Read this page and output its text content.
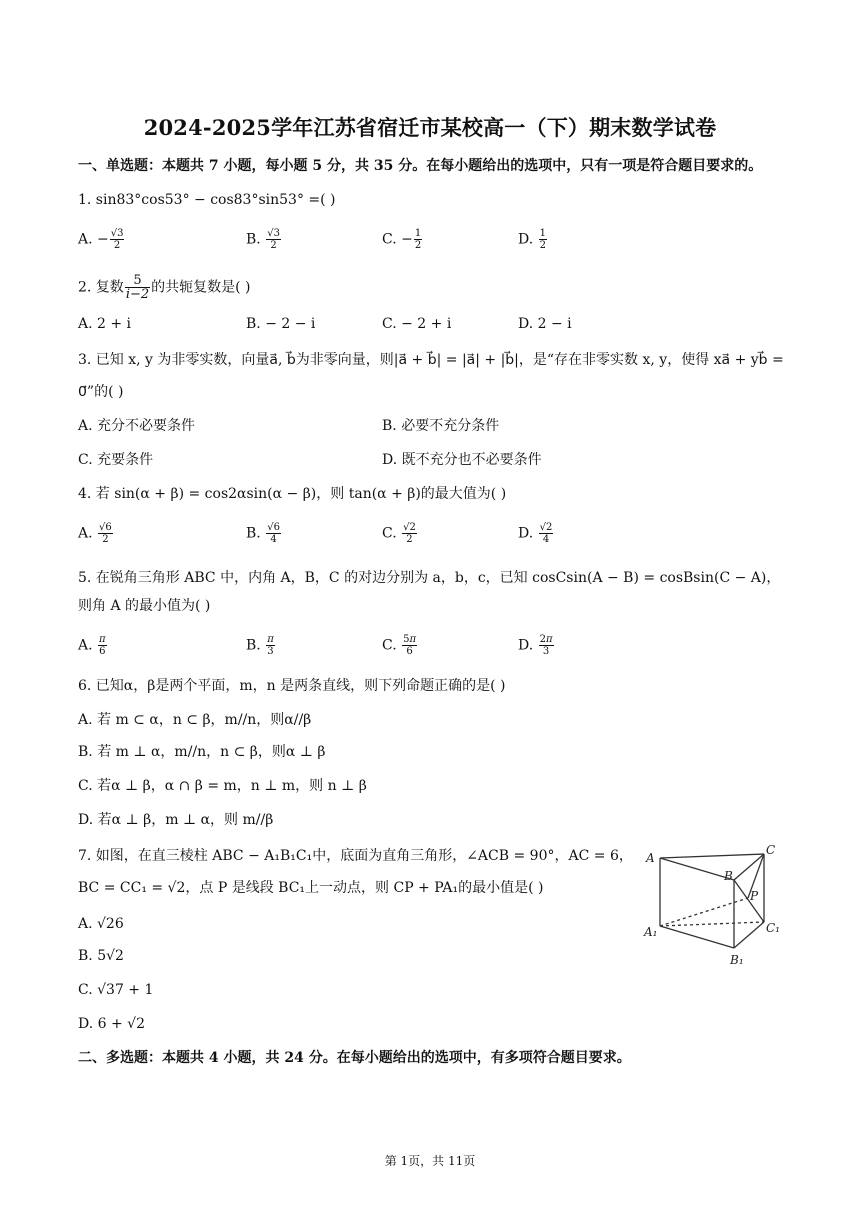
2024-2025学年江苏省宿迁市某校高一（下）期末数学试卷
一、单选题：本题共 7 小题，每小题 5 分，共 35 分。在每小题给出的选项中，只有一项是符合题目要求的。
1. sin83°cos53° − cos83°sin53° =( )
A. − $\frac{√3}{2}$	B. $\frac{√3}{2}$	C. − $\frac{1}{2}$	D. $\frac{1}{2}$
2. 复数 $\frac{5}{i-2}$ 的共轭复数是( )
A. 2 + i	B. − 2 − i	C. − 2 + i	D. 2 − i
3. 已知 x, y 为非零实数，向量a⃗, b⃗为非零向量，则|a⃗ + b⃗| = |a⃗| + |b⃗|，是“存在非零实数 x, y，使得 xa⃗ + yb⃗ =
0⃗”的( )
A. 充分不必要条件	B. 必要不充分条件
C. 充要条件	D. 既不充分也不必要条件
4. 若 sin(α + β) = cos2αsin(α − β)，则 tan(α + β)的最大值为( )
A. $\frac{√6}{2}$	B. $\frac{√6}{4}$	C. $\frac{√2}{2}$	D. $\frac{√2}{4}$
5. 在锐角三角形 ABC 中，内角 A，B，C 的对边分别为 a，b，c，已知 cosCsin(A − B) = cosBsin(C − A)，
则角 A 的最小值为( )
A. $\frac{\pi}{6}$	B. $\frac{\pi}{3}$	C. $\frac{5\pi}{6}$	D. $\frac{2\pi}{3}$
6. 已知α，β是两个平面，m，n 是两条直线，则下列命题正确的是( )
A. 若 m ⊂ α，n ⊂ β，m//n，则α//β
B. 若 m ⊥ α，m//n，n ⊂ β，则α ⊥ β
C. 若α ⊥ β，α ∩ β = m，n ⊥ m，则 n ⊥ β
D. 若α ⊥ β，m ⊥ α，则 m//β
7. 如图，在直三棱柱 ABC − A₁B₁C₁中，底面为直角三角形，∠ACB = 90°，AC = 6，
BC = CC₁ = √2，点 P 是线段 BC₁上一动点，则 CP + PA₁的最小值是( )
A. √26
B. 5√2
C. √37 + 1
D. 6 + √2
A
C
B
P
A₁	C₁
B₁
二、多选题：本题共 4 小题，共 24 分。在每小题给出的选项中，有多项符合题目要求。
第 1页，共 11页
